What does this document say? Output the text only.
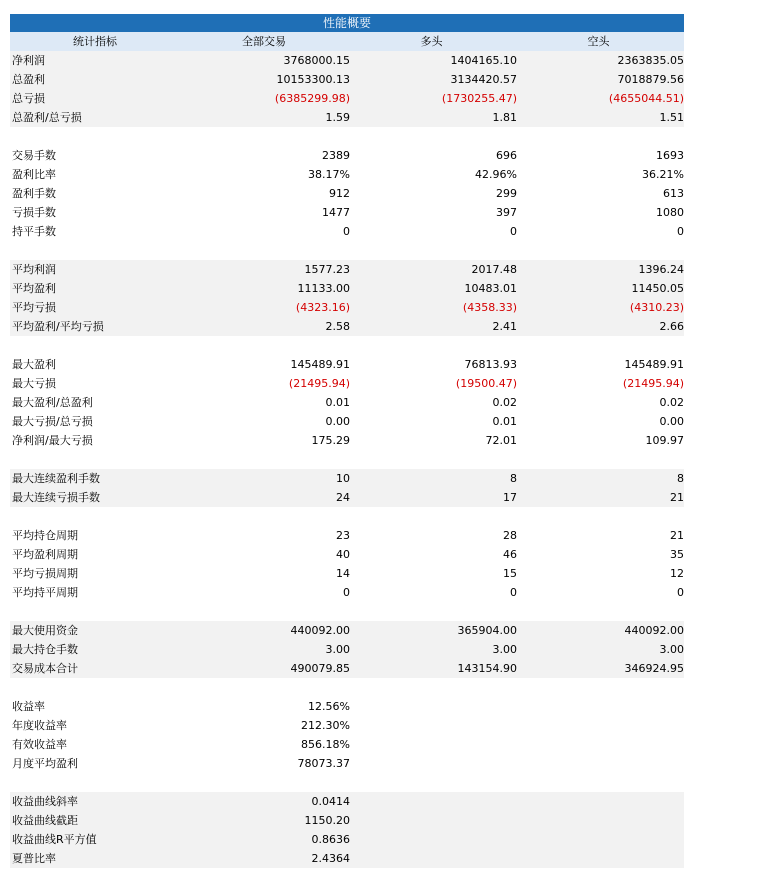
性能概要
统计指标	全部交易	多头	空头
净利润	3768000.15	1404165.10	2363835.05
总盈利	10153300.13	3134420.57	7018879.56
总亏损	(6385299.98)	(1730255.47)	(4655044.51)
总盈利/总亏损	1.59	1.81	1.51
交易手数	2389	696	1693
盈利比率	38.17%	42.96%	36.21%
盈利手数	912	299	613
亏损手数	1477	397	1080
持平手数	0	0	0
平均利润	1577.23	2017.48	1396.24
平均盈利	11133.00	10483.01	11450.05
平均亏损	(4323.16)	(4358.33)	(4310.23)
平均盈利/平均亏损	2.58	2.41	2.66
最大盈利	145489.91	76813.93	145489.91
最大亏损	(21495.94)	(19500.47)	(21495.94)
最大盈利/总盈利	0.01	0.02	0.02
最大亏损/总亏损	0.00	0.01	0.00
净利润/最大亏损	175.29	72.01	109.97
最大连续盈利手数	10	8	8
最大连续亏损手数	24	17	21
平均持仓周期	23	28	21
平均盈利周期	40	46	35
平均亏损周期	14	15	12
平均持平周期	0	0	0
最大使用资金	440092.00	365904.00	440092.00
最大持仓手数	3.00	3.00	3.00
交易成本合计	490079.85	143154.90	346924.95
收益率	12.56%
年度收益率	212.30%
有效收益率	856.18%
月度平均盈利	78073.37
收益曲线斜率	0.0414
收益曲线截距	1150.20
收益曲线R平方值	0.8636
夏普比率	2.4364
